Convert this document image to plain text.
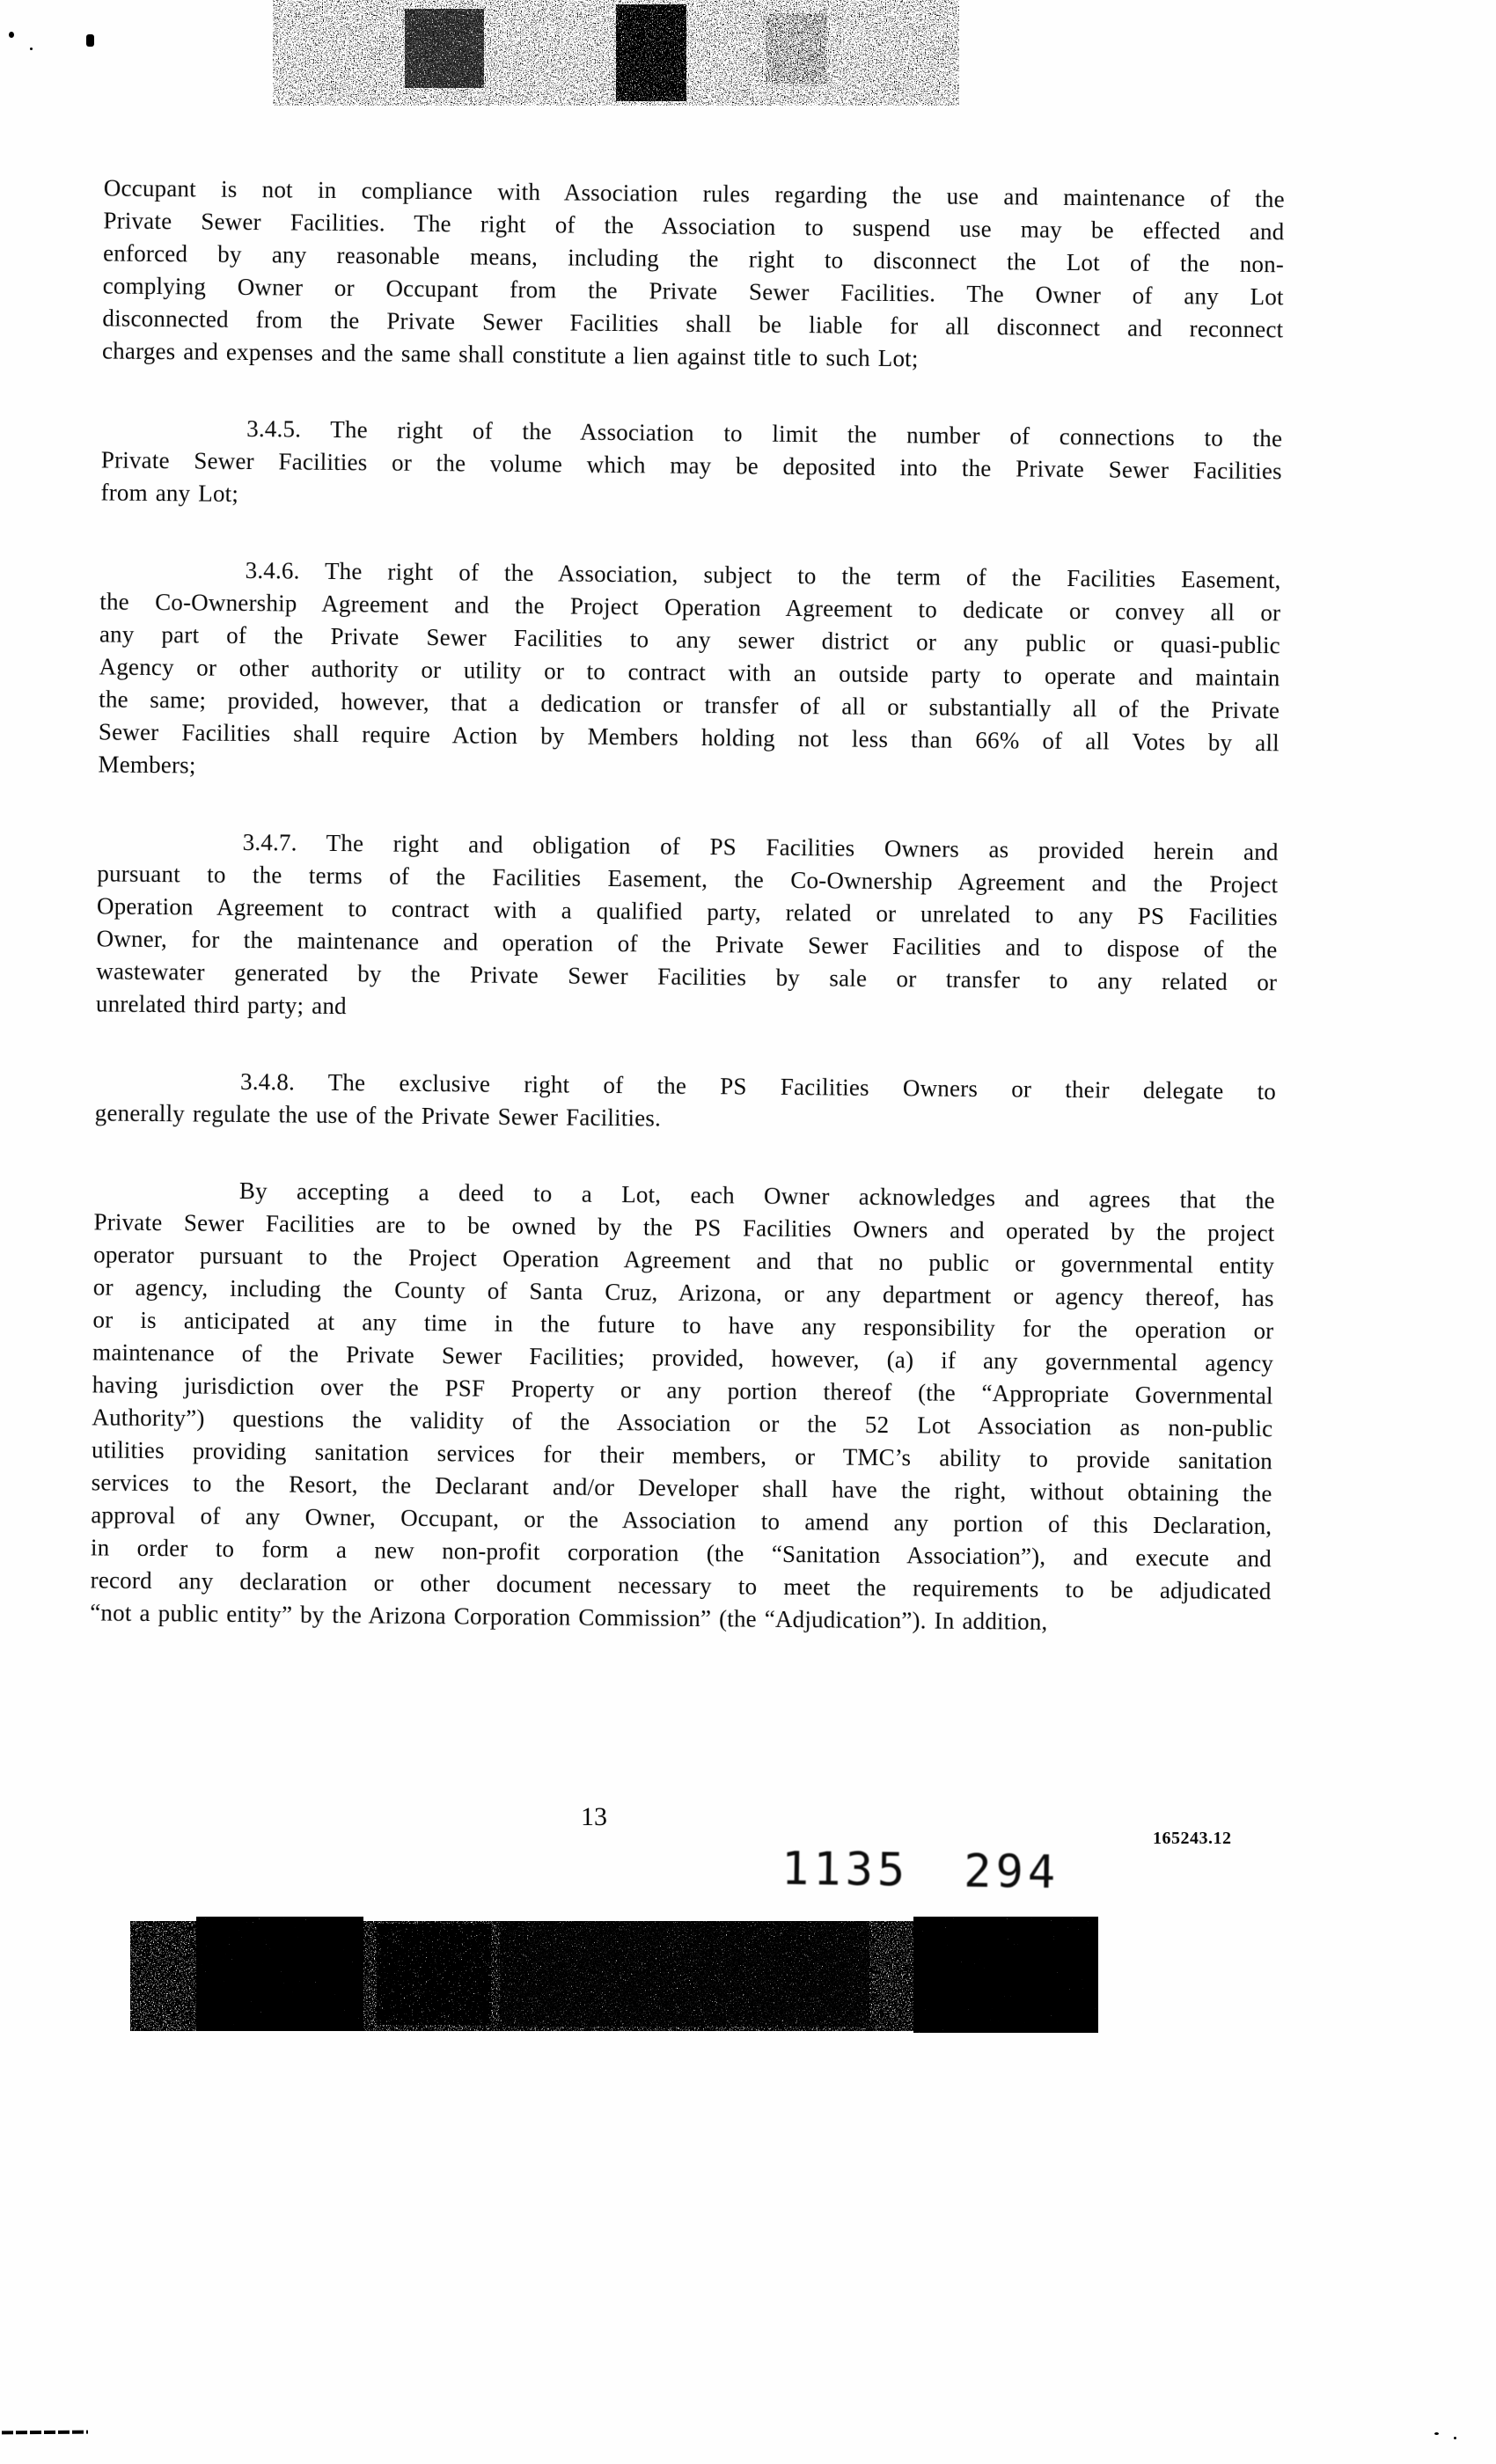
Occupant is not in compliance with Association rules regarding the use and maintenance of the
Private Sewer Facilities. The right of the Association to suspend use may be effected and
enforced by any reasonable means, including the right to disconnect the Lot of the non-
complying Owner or Occupant from the Private Sewer Facilities. The Owner of any Lot
disconnected from the Private Sewer Facilities shall be liable for all disconnect and reconnect
charges and expenses and the same shall constitute a lien against title to such Lot;
3.4.5. The right of the Association to limit the number of connections to the
Private Sewer Facilities or the volume which may be deposited into the Private Sewer Facilities
from any Lot;
3.4.6. The right of the Association, subject to the term of the Facilities Easement,
the Co-Ownership Agreement and the Project Operation Agreement to dedicate or convey all or
any part of the Private Sewer Facilities to any sewer district or any public or quasi-public
Agency or other authority or utility or to contract with an outside party to operate and maintain
the same; provided, however, that a dedication or transfer of all or substantially all of the Private
Sewer Facilities shall require Action by Members holding not less than 66% of all Votes by all
Members;
3.4.7. The right and obligation of PS Facilities Owners as provided herein and
pursuant to the terms of the Facilities Easement, the Co-Ownership Agreement and the Project
Operation Agreement to contract with a qualified party, related or unrelated to any PS Facilities
Owner, for the maintenance and operation of the Private Sewer Facilities and to dispose of the
wastewater generated by the Private Sewer Facilities by sale or transfer to any related or
unrelated third party; and
3.4.8. The exclusive right of the PS Facilities Owners or their delegate to
generally regulate the use of the Private Sewer Facilities.
By accepting a deed to a Lot, each Owner acknowledges and agrees that the
Private Sewer Facilities are to be owned by the PS Facilities Owners and operated by the project
operator pursuant to the Project Operation Agreement and that no public or governmental entity
or agency, including the County of Santa Cruz, Arizona, or any department or agency thereof, has
or is anticipated at any time in the future to have any responsibility for the operation or
maintenance of the Private Sewer Facilities; provided, however, (a) if any governmental agency
having jurisdiction over the PSF Property or any portion thereof (the “Appropriate Governmental
Authority”) questions the validity of the Association or the 52 Lot Association as non-public
utilities providing sanitation services for their members, or TMC’s ability to provide sanitation
services to the Resort, the Declarant and/or Developer shall have the right, without obtaining the
approval of any Owner, Occupant, or the Association to amend any portion of this Declaration,
in order to form a new non-profit corporation (the “Sanitation Association”), and execute and
record any declaration or other document necessary to meet the requirements to be adjudicated
“not a public entity” by the Arizona Corporation Commission” (the “Adjudication”). In addition,
13
165243.12
1135 294
